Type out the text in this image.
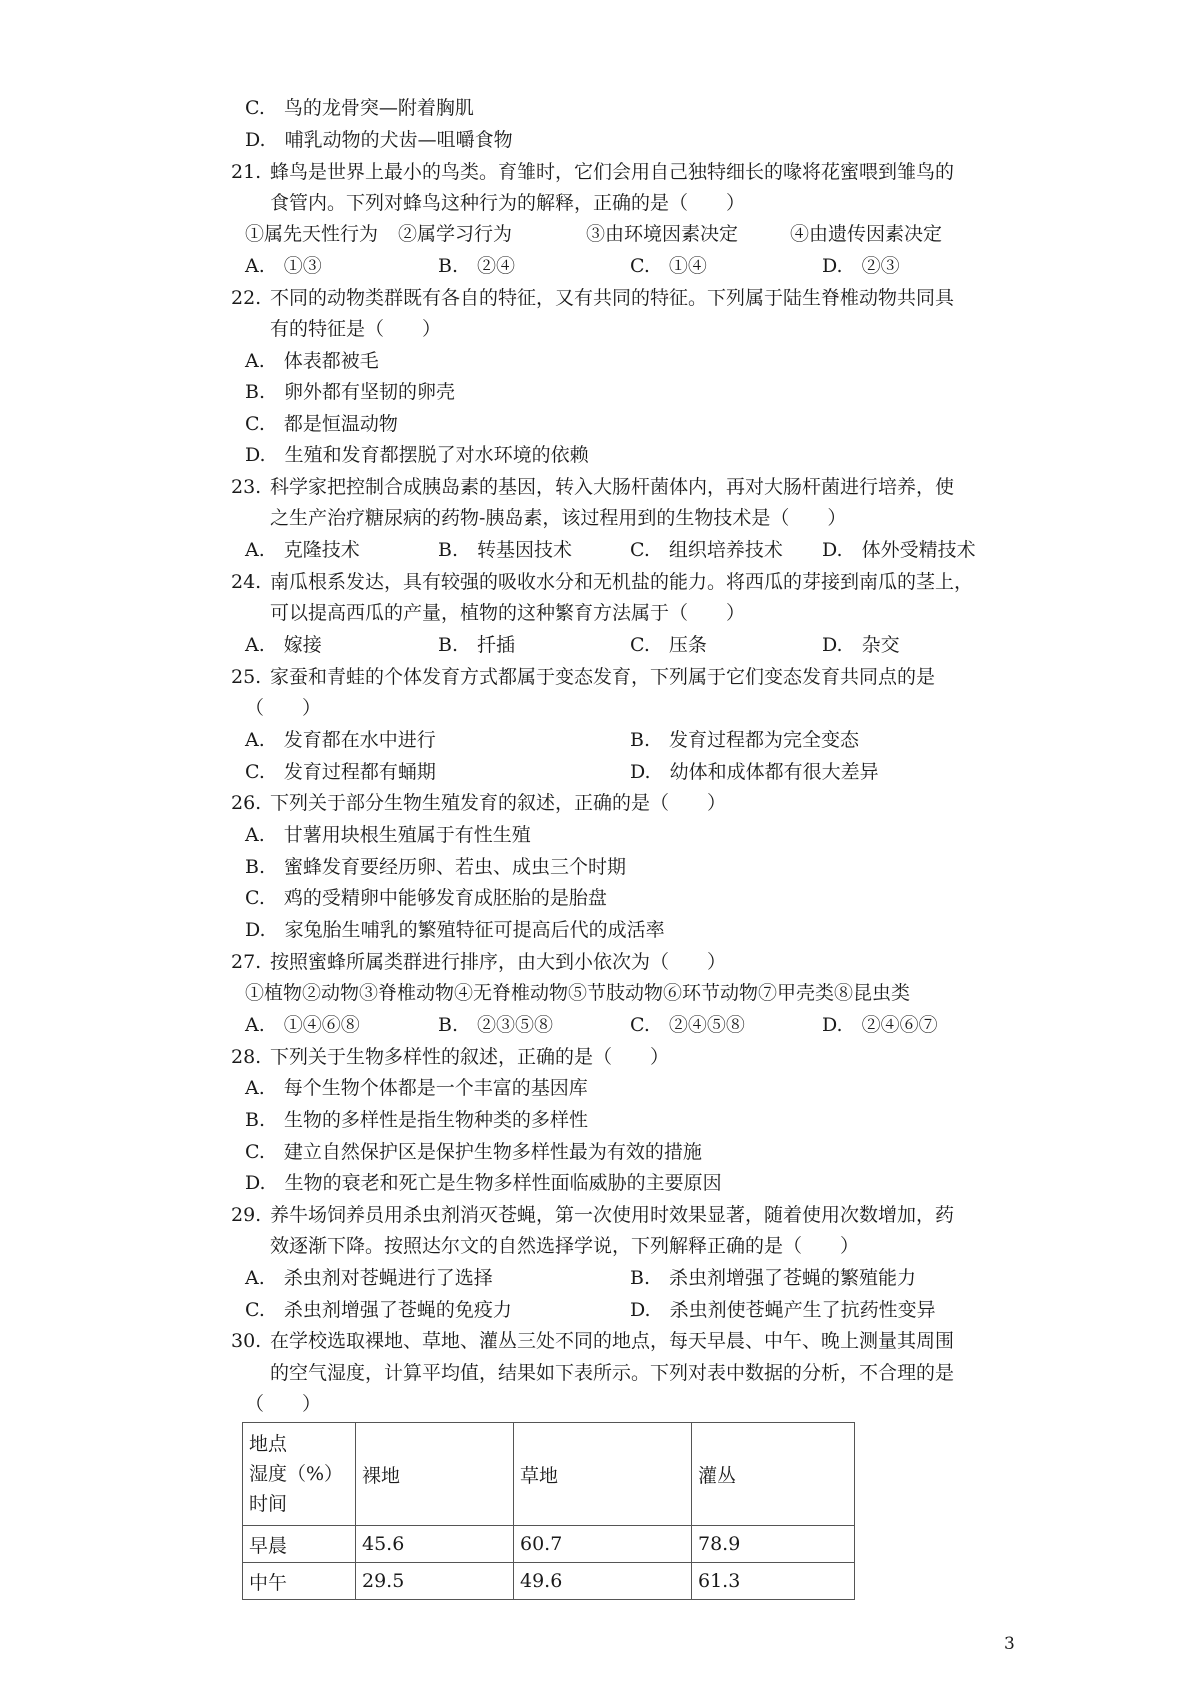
C.　鸟的龙骨突—附着胸肌
D.　哺乳动物的犬齿—咀嚼食物
21. 蜂鸟是世界上最小的鸟类。育雏时，它们会用自己独特细长的喙将花蜜喂到雏鸟的
食管内。下列对蜂鸟这种行为的解释，正确的是（　　）
①属先天性行为 ②属学习行为	③由环境因素决定	④由遗传因素决定
A.　①③	B.　②④	C.　①④	D.　②③
22. 不同的动物类群既有各自的特征，又有共同的特征。下列属于陆生脊椎动物共同具
有的特征是（　　）
A.　体表都被毛
B.　卵外都有坚韧的卵壳
C.　都是恒温动物
D.　生殖和发育都摆脱了对水环境的依赖
23. 科学家把控制合成胰岛素的基因，转入大肠杆菌体内，再对大肠杆菌进行培养，使
之生产治疗糖尿病的药物-胰岛素，该过程用到的生物技术是（　　）
A.　克隆技术	B.　转基因技术	C.　组织培养技术 D.　体外受精技术
24. 南瓜根系发达，具有较强的吸收水分和无机盐的能力。将西瓜的芽接到南瓜的茎上，
可以提高西瓜的产量，植物的这种繁育方法属于（　　）
A.　嫁接	B.　扦插	C.　压条	D.　杂交
25. 家蚕和青蛙的个体发育方式都属于变态发育，下列属于它们变态发育共同点的是
（　　）
A.　发育都在水中进行	B.　发育过程都为完全变态
C.　发育过程都有蛹期	D.　幼体和成体都有很大差异
26. 下列关于部分生物生殖发育的叙述，正确的是（　　）
A.　甘薯用块根生殖属于有性生殖
B.　蜜蜂发育要经历卵、若虫、成虫三个时期
C.　鸡的受精卵中能够发育成胚胎的是胎盘
D.　家兔胎生哺乳的繁殖特征可提高后代的成活率
27. 按照蜜蜂所属类群进行排序，由大到小依次为（　　）
①植物②动物③脊椎动物④无脊椎动物⑤节肢动物⑥环节动物⑦甲壳类⑧昆虫类
A.　①④⑥⑧	B.　②③⑤⑧	C.　②④⑤⑧	D.　②④⑥⑦
28. 下列关于生物多样性的叙述，正确的是（　　）
A.　每个生物个体都是一个丰富的基因库
B.　生物的多样性是指生物种类的多样性
C.　建立自然保护区是保护生物多样性最为有效的措施
D.　生物的衰老和死亡是生物多样性面临威胁的主要原因
29. 养牛场饲养员用杀虫剂消灭苍蝇，第一次使用时效果显著，随着使用次数增加，药
效逐渐下降。按照达尔文的自然选择学说，下列解释正确的是（　　）
A.　杀虫剂对苍蝇进行了选择	B.　杀虫剂增强了苍蝇的繁殖能力
C.　杀虫剂增强了苍蝇的免疫力	D.　杀虫剂使苍蝇产生了抗药性变异
30. 在学校选取裸地、草地、灌丛三处不同的地点，每天早晨、中午、晚上测量其周围
的空气湿度，计算平均值，结果如下表所示。下列对表中数据的分析，不合理的是
（　　）
地点
湿度（%）
时间	裸地	草地	灌丛
早晨	45.6	60.7	78.9
中午	29.5	49.6	61.3
3
